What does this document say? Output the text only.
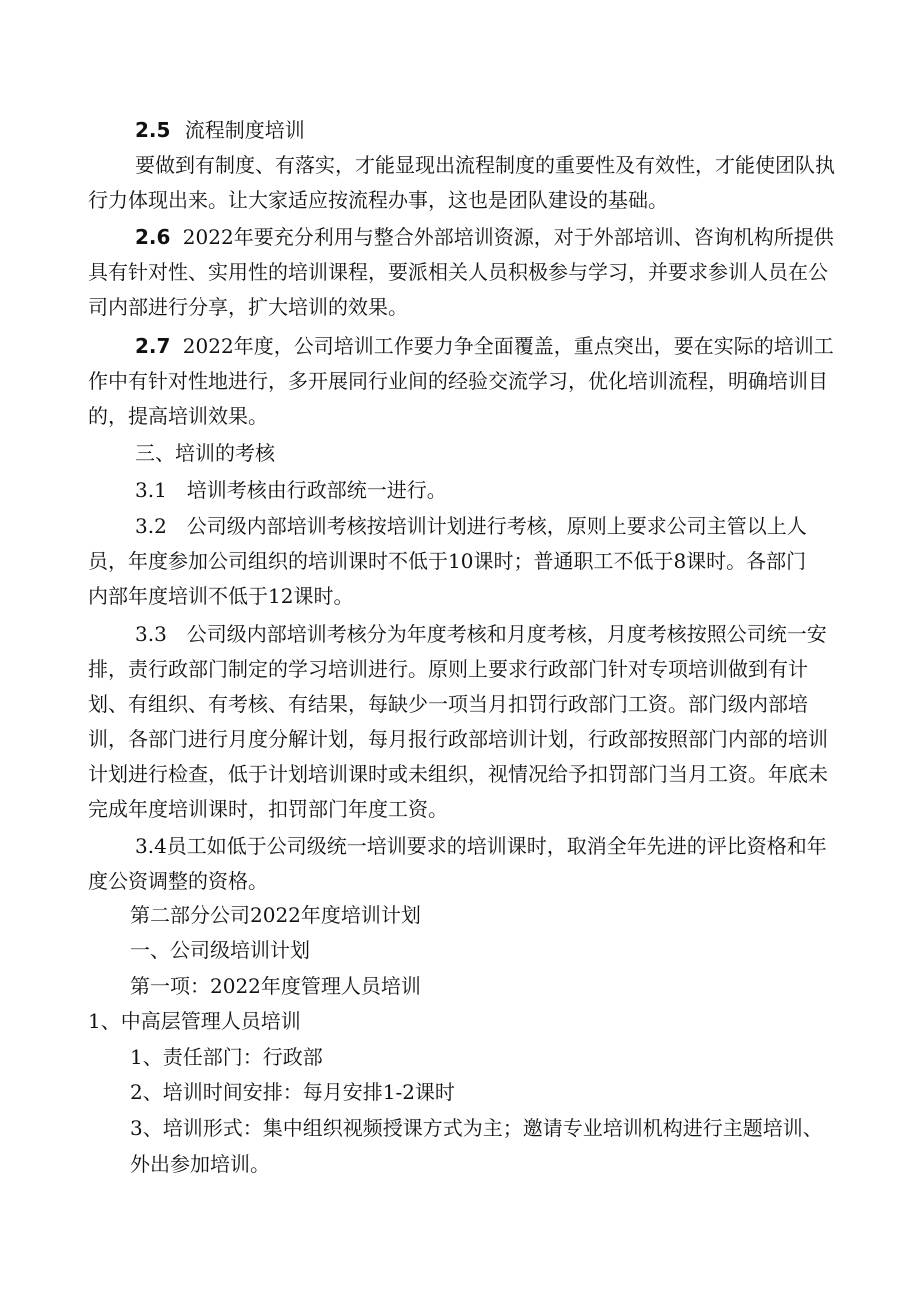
2.5 流程制度培训

要做到有制度、有落实，才能显现出流程制度的重要性及有效性，才能使团队执

行力体现出来。让大家适应按流程办事，这也是团队建设的基础。

2.6 2022年要充分利用与整合外部培训资源，对于外部培训、咨询机构所提供

具有针对性、实用性的培训课程，要派相关人员积极参与学习，并要求参训人员在公

司内部进行分享，扩大培训的效果。

2.7 2022年度，公司培训工作要力争全面覆盖，重点突出，要在实际的培训工

作中有针对性地进行，多开展同行业间的经验交流学习，优化培训流程，明确培训目

的，提高培训效果。

三、培训的考核

3.1　培训考核由行政部统一进行。

3.2　公司级内部培训考核按培训计划进行考核，原则上要求公司主管以上人

员，年度参加公司组织的培训课时不低于10课时；普通职工不低于8课时。各部门

内部年度培训不低于12课时。

3.3　公司级内部培训考核分为年度考核和月度考核，月度考核按照公司统一安

排，责行政部门制定的学习培训进行。原则上要求行政部门针对专项培训做到有计

划、有组织、有考核、有结果，每缺少一项当月扣罚行政部门工资。部门级内部培

训，各部门进行月度分解计划，每月报行政部培训计划，行政部按照部门内部的培训

计划进行检查，低于计划培训课时或未组织，视情况给予扣罚部门当月工资。年底未

完成年度培训课时，扣罚部门年度工资。

3.4员工如低于公司级统一培训要求的培训课时，取消全年先进的评比资格和年

度公资调整的资格。

第二部分公司2022年度培训计划

一、公司级培训计划

第一项：2022年度管理人员培训

1、中高层管理人员培训

1、责任部门：行政部

2、培训时间安排：每月安排1-2课时

3、培训形式：集中组织视频授课方式为主；邀请专业培训机构进行主题培训、

外出参加培训。
